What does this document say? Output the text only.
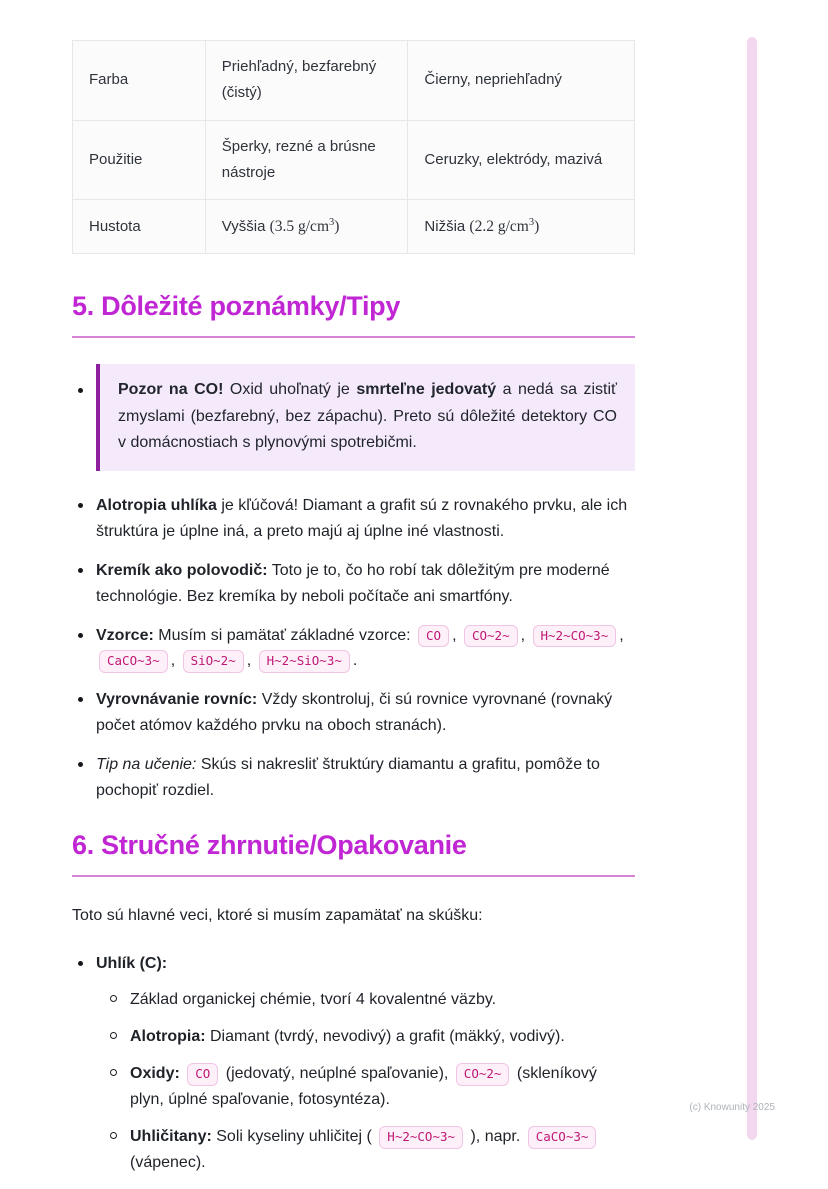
Farba	Priehľadný, bezfarebný (čistý)	Čierny, nepriehľadný
Použitie	Šperky, rezné a brúsne nástroje	Ceruzky, elektródy, mazivá
Hustota	Vyššia (3.5 $g/cm^3$)	Nižšia (2.2 $g/cm^3$)
5. Dôležité poznámky/Tipy
Pozor na CO! Oxid uhoľnatý je smrteľne jedovatý a nedá sa zistiť zmyslami (bezfarebný, bez zápachu). Preto sú dôležité detektory CO v domácnostiach s plynovými spotrebičmi.
Alotropia uhlíka je kľúčová! Diamant a grafit sú z rovnakého prvku, ale ich štruktúra je úplne iná, a preto majú aj úplne iné vlastnosti.
Kremík ako polovodič: Toto je to, čo ho robí tak dôležitým pre moderné technológie. Bez kremíka by neboli počítače ani smartfóny.
Vzorce: Musím si pamätať základné vzorce: CO , CO~2~ , H~2~CO~3~ , CaCO~3~ , SiO~2~ , H~2~SiO~3~ .
Vyrovnávanie rovníc: Vždy skontroluj, či sú rovnice vyrovnané (rovnaký počet atómov každého prvku na oboch stranách).
Tip na učenie: Skús si nakresliť štruktúry diamantu a grafitu, pomôže to pochopiť rozdiel.
6. Stručné zhrnutie/Opakovanie

Toto sú hlavné veci, ktoré si musím zapamätať na skúšku:

Uhlík (C):
Základ organickej chémie, tvorí 4 kovalentné väzby.
Alotropia: Diamant (tvrdý, nevodivý) a grafit (mäkký, vodivý).
Oxidy: CO (jedovatý, neúplné spaľovanie), CO~2~ (skleníkový plyn, úplné spaľovanie, fotosyntéza).
Uhličitany: Soli kyseliny uhličitej ( H~2~CO~3~ ), napr. CaCO~3~ (vápenec).
(c) Knowunity 2025
